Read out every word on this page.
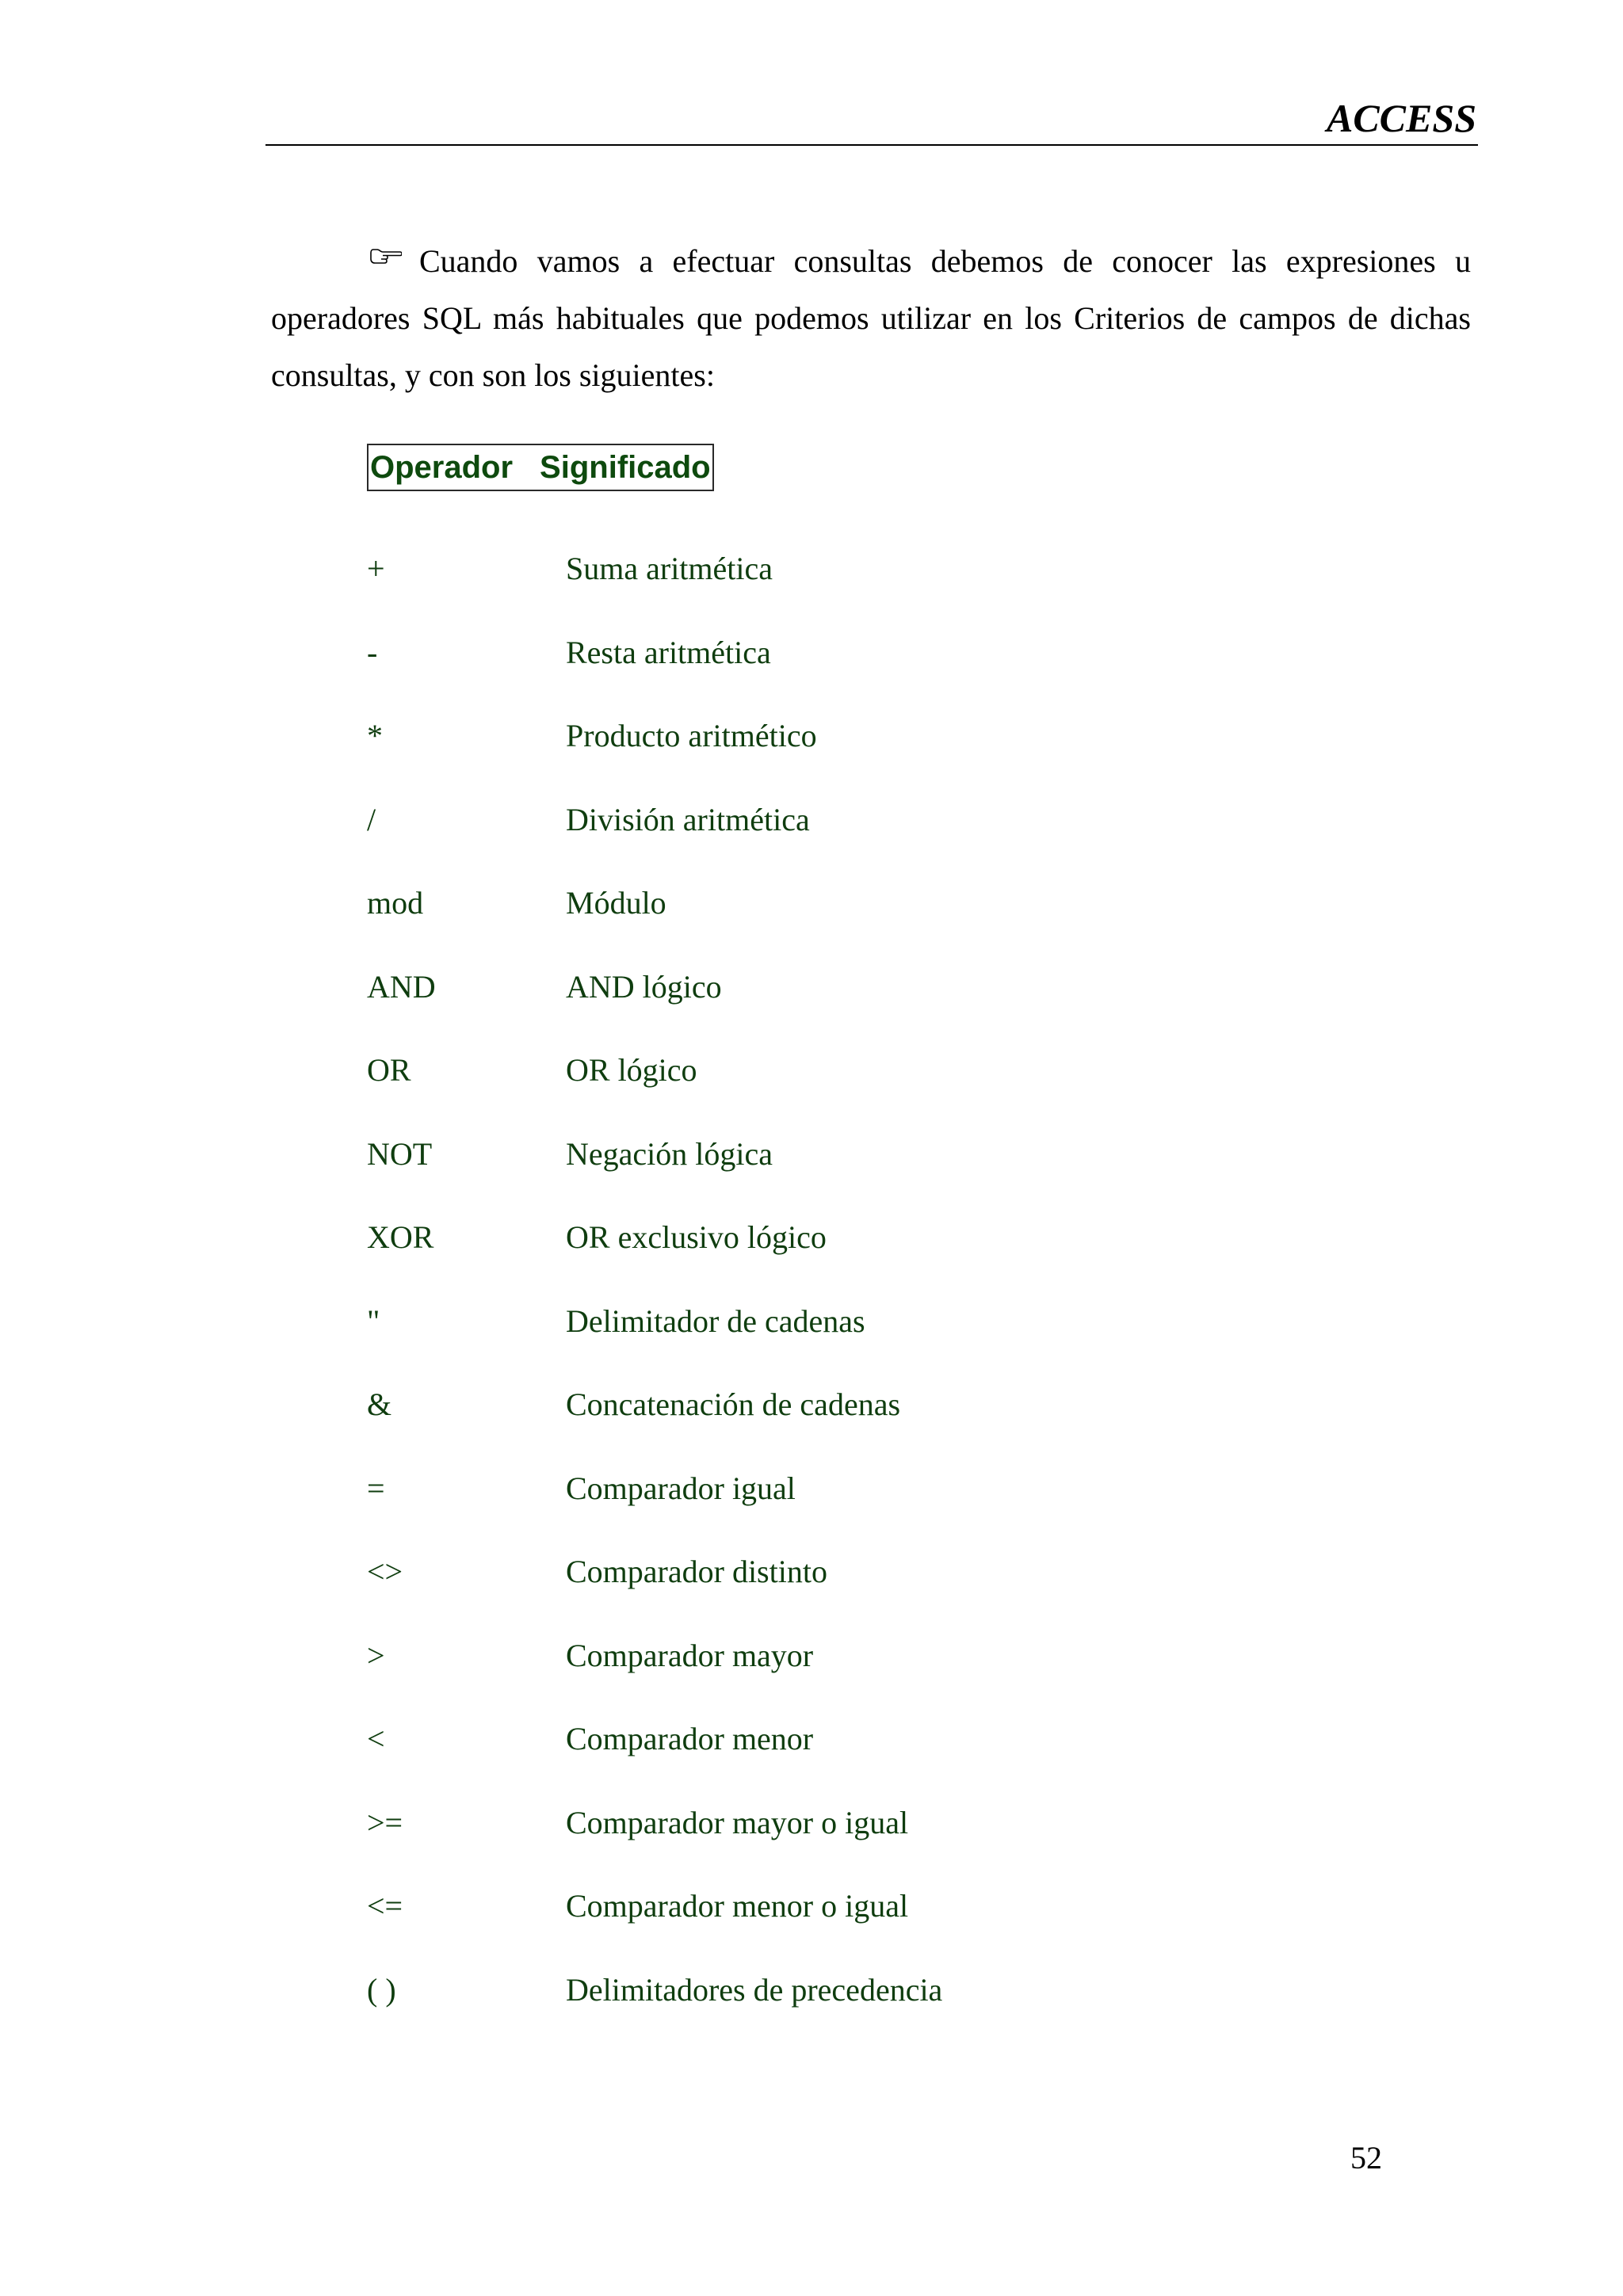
ACCESS

Cuando vamos a efectuar consultas debemos de conocer las expresiones u operadores SQL más habituales que podemos utilizar en los Criterios de campos de dichas consultas, y con son los siguientes:

Operador Significado
+	Suma aritmética
-	Resta aritmética
*	Producto aritmético
/	División aritmética
mod	Módulo
AND	AND lógico
OR	OR lógico
NOT	Negación lógica
XOR	OR exclusivo lógico
"	Delimitador de cadenas
&	Concatenación de cadenas
=	Comparador igual
<>	Comparador distinto
>	Comparador mayor
<	Comparador menor
>=	Comparador mayor o igual
<=	Comparador menor o igual
( )	Delimitadores de precedencia
52
